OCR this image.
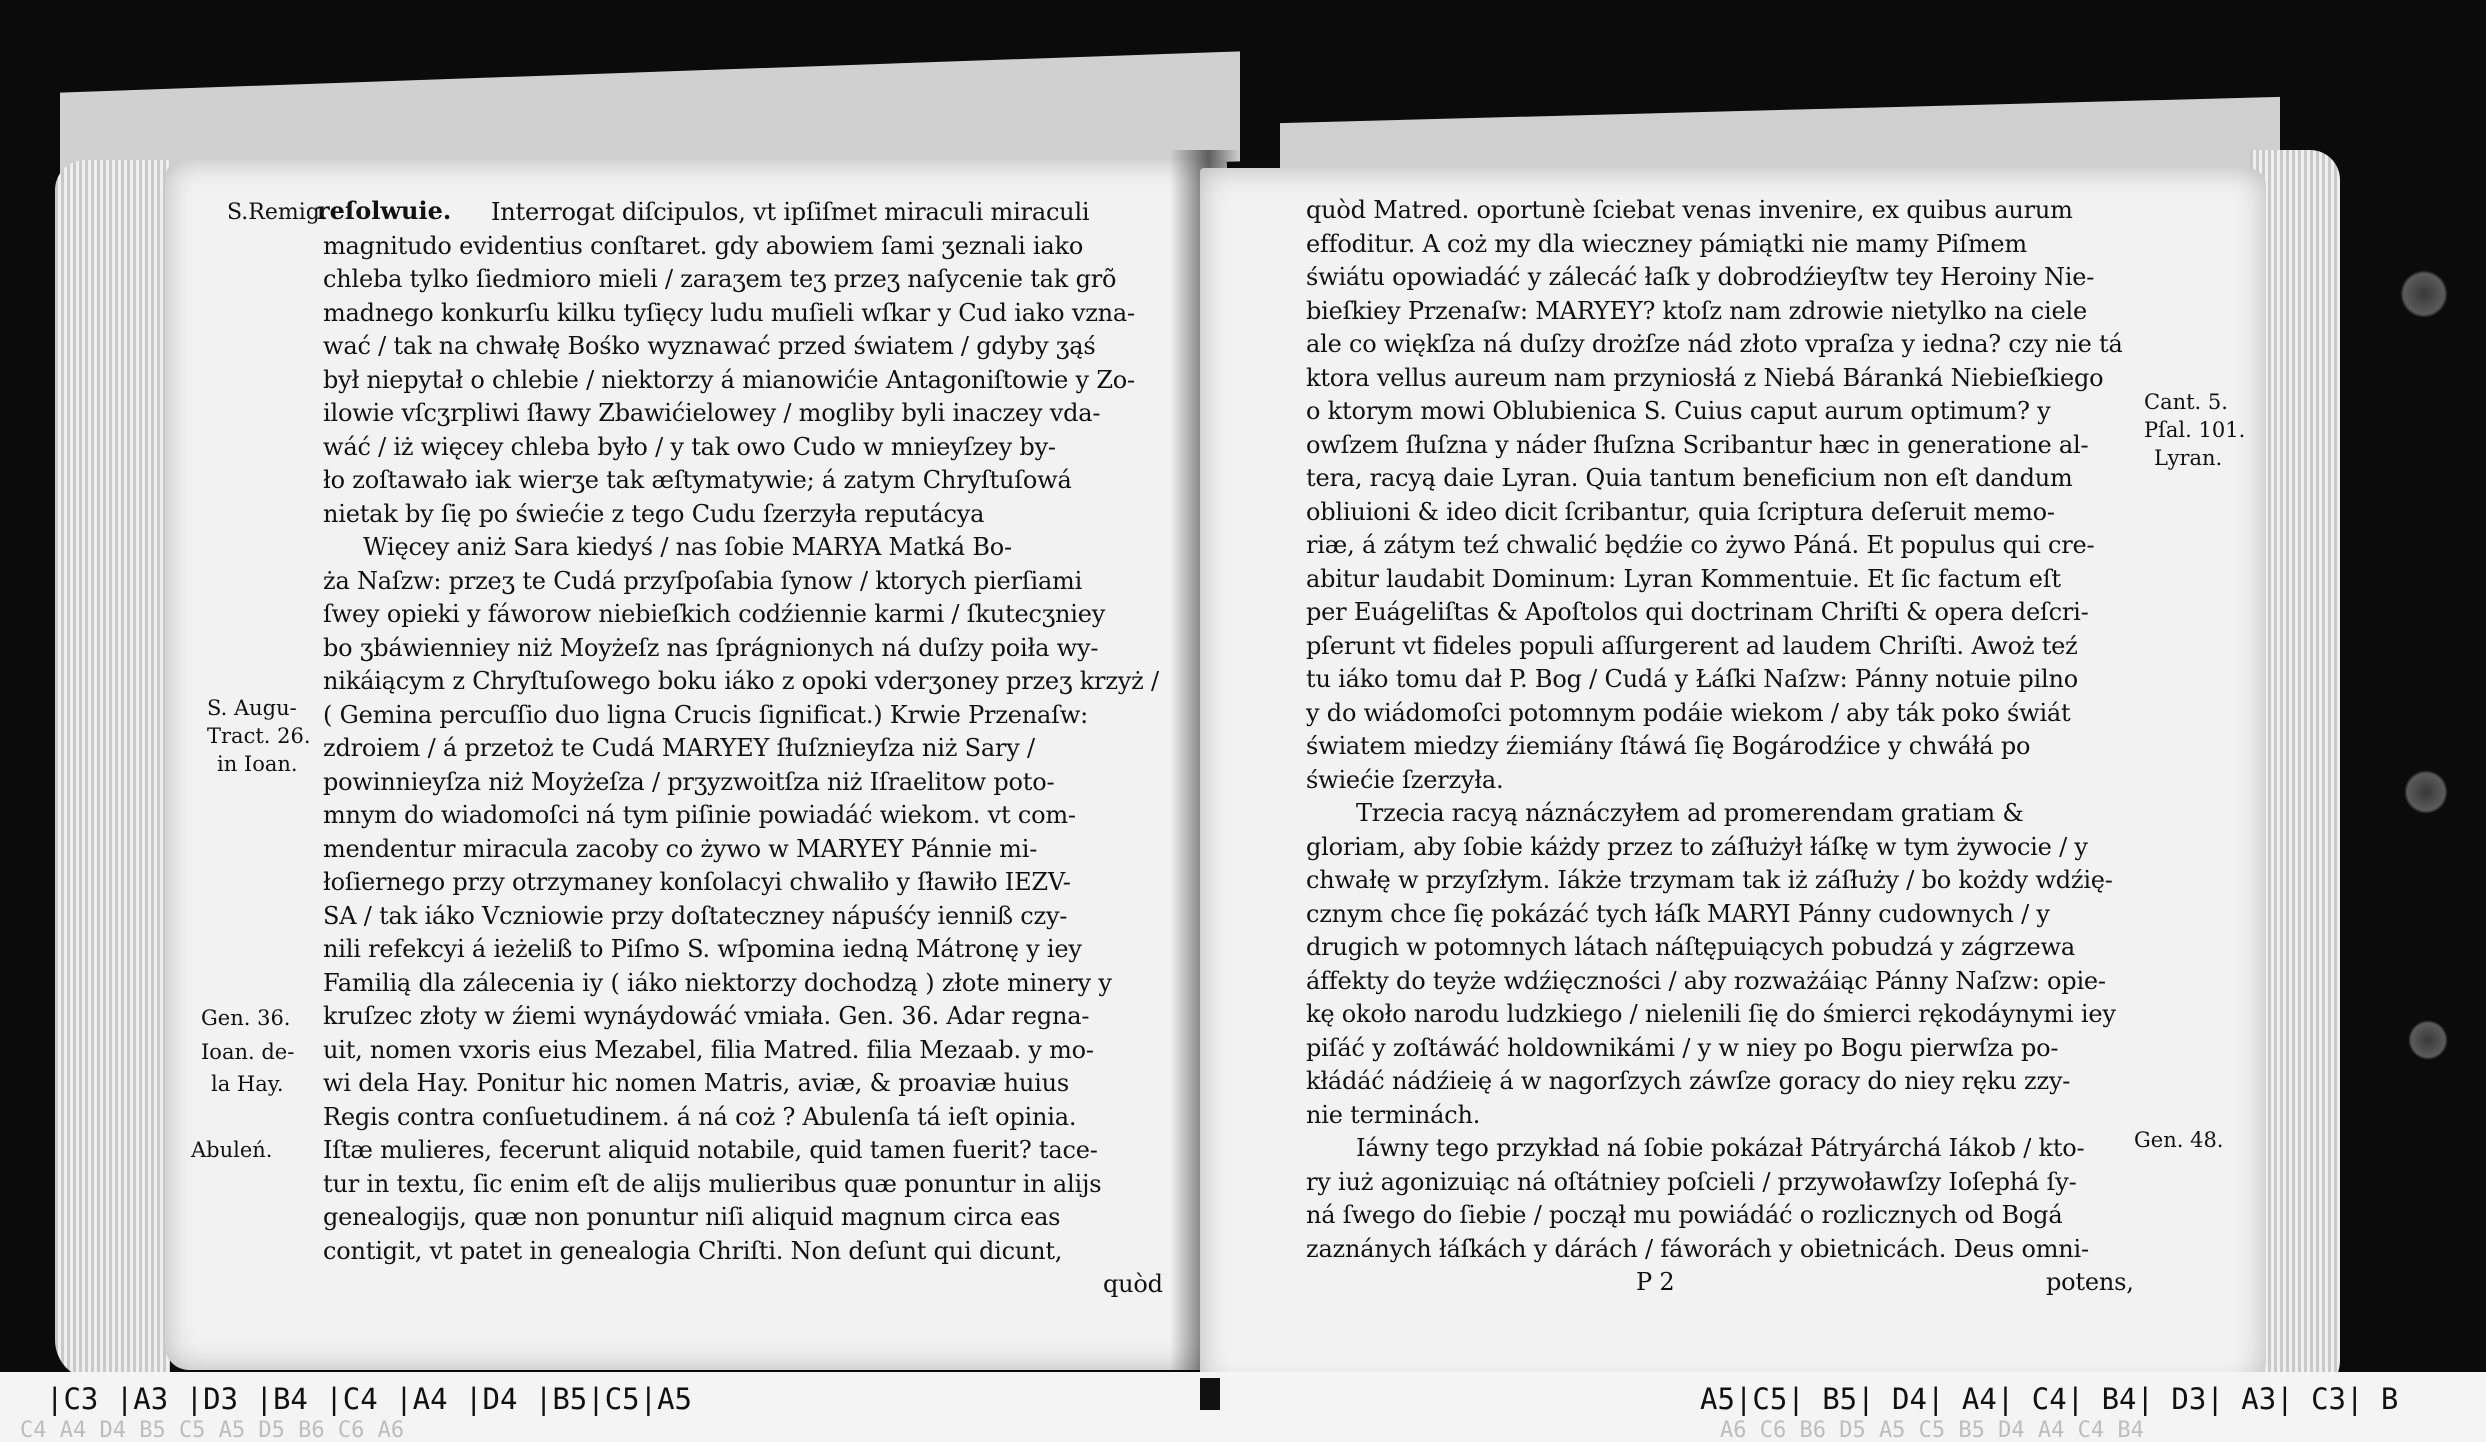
S.Remig.
S. Augu-
Tract. 26.
in Ioan.
Gen. 36.
Ioan. de-
la Hay.
Abuleń.
reſolwuie.	Interrogat diſcipulos, vt ipſiſmet miraculi miraculi
magnitudo evidentius conſtaret. gdy abowiem ſami ʒeznali iako
chleba tylko ſiedmioro mieli / zaraʒem teʒ przeʒ naſycenie tak grõ
madnego konkurſu kilku tyſięcy ludu muſieli wſkar y Cud iako vzna-
wać / tak na chwałę Bośko wyznawać przed światem / gdyby ʒąś
był niepytał o chlebie / niektorzy á mianowićie Antagoniſtowie y Zo-
ilowie vſcʒrpliwi ſławy Zbawićielowey / mogliby byli inaczey vda-
wáć / iż więcey chleba było / y tak owo Cudo w mnieyſzey by-
ło zoſtawało iak wierʒe tak æſtymatywie; á zatym Chryſtuſowá
nietak by ſię po świećie z tego Cudu ſzerzyła reputácya
Więcey aniż Sara kiedyś / nas ſobie MARYA Matká Bo-
ża Naſzw: przeʒ te Cudá przyſpoſabia ſynow / ktorych pierſiami
ſwey opieki y fáworow niebieſkich codźiennie karmi / ſkutecʒniey
bo ʒbáwienniey niż Moyżeſz nas ſprágnionych ná duſzy poiła wy-
nikáiącym z Chryſtuſowego boku iáko z opoki vderʒoney przeʒ krzyż /
( Gemina percuſſio duo ligna Crucis ſignificat.) Krwie Przenaſw:
zdroiem / á przetoż te Cudá MARYEY ſłuſznieyſza niż Sary /
powinnieyſza niż Moyżeſza / prʒyzwoitſza niż Iſraelitow poto-
mnym do wiadomoſci ná tym piſinie powiadáć wiekom. vt com-
mendentur miracula zacoby co żywo w MARYEY Pánnie mi-
łoſiernego przy otrzymaney konſolacyi chwaliło y ſławiło IEZV-
SA / tak iáko Vczniowie przy doſtateczney nápuśćy ienniß czy-
nili refekcyi á ieżeliß to Piſmo S. wſpomina iedną Mátronę y iey
Familią dla zálecenia iy ( iáko niektorzy dochodzą ) złote minery y
kruſzec złoty w źiemi wynáydowáć vmiała. Gen. 36. Adar regna-
uit, nomen vxoris eius Mezabel, filia Matred. filia Mezaab. y mo-
wi dela Hay. Ponitur hic nomen Matris, aviæ, & proaviæ huius
Regis contra conſuetudinem. á ná coż ? Abulenſa tá ieſt opinia.
Iſtæ mulieres, fecerunt aliquid notabile, quid tamen fuerit? tace-
tur in textu, ſic enim eſt de alijs mulieribus quæ ponuntur in alijs
genealogijs, quæ non ponuntur niſi aliquid magnum circa eas
contigit, vt patet in genealogia Chriſti. Non deſunt qui dicunt,
quòd
quòd Matred. oportunè ſciebat venas invenire, ex quibus aurum
effoditur. A coż my dla wieczney pámiątki nie mamy Piſmem
świátu opowiadáć y zálecáć łaſk y dobrodźieyſtw tey Heroiny Nie-
bieſkiey Przenaſw: MARYEY? ktoſz nam zdrowie nietylko na ciele
ale co więkſza ná duſzy drożſze nád złoto vpraſza y iedna? czy nie tá
ktora vellus aureum nam przyniosłá z Niebá Báranká Niebieſkiego
o ktorym mowi Oblubienica S. Cuius caput aurum optimum? y
owſzem ſłuſzna y náder ſłuſzna Scribantur hæc in generatione al-
tera, racyą daie Lyran. Quia tantum beneficium non eſt dandum
obliuioni & ideo dicit ſcribantur, quia ſcriptura deſeruit memo-
riæ, á zátym teź chwalić będźie co żywo Páná. Et populus qui cre-
abitur laudabit Dominum: Lyran Kommentuie. Et ſic factum eſt
per Euágeliſtas & Apoſtolos qui doctrinam Chriſti & opera deſcri-
pſerunt vt fideles populi aſſurgerent ad laudem Chriſti. Awoż teź
tu iáko tomu dał P. Bog / Cudá y Łáſki Naſzw: Pánny notuie pilno
y do wiádomoſci potomnym podáie wiekom / aby ták poko świát
światem miedzy źiemiány ſtáwá ſię Bogárodźice y chwáłá po
świećie ſzerzyła.
Trzecia racyą náznáczyłem ad promerendam gratiam &
gloriam, aby ſobie káżdy przez to záſłużył łáſkę w tym żywocie / y
chwałę w przyſzłym. Iákże trzymam tak iż záſłuży / bo kożdy wdźię-
cznym chce ſię pokázáć tych łáſk MARYI Pánny cudownych / y
drugich w potomnych látach náſtępuiących pobudzá y zágrzewa
áffekty do teyże wdźięczności / aby rozważáiąc Pánny Naſzw: opie-
kę około narodu ludzkiego / nielenili ſię do śmierci rękodáynymi iey
piſáć y zoſtáwáć holdownikámi / y w niey po Bogu pierwſza po-
kłádáć nádźieię á w nagorſzych záwſze goracy do niey ręku zzy-
nie terminách.
Iáwny tego przykład ná ſobie pokázał Pátryárchá Iákob / kto-
ry iuż agonizuiąc ná oſtátniey poſcieli / przywoławſzy Ioſephá ſy-
ná ſwego do ſiebie / począł mu powiádáć o rozlicznych od Bogá
zaznánych łáſkách y dárách / fáworách y obietnicách. Deus omni-
P 2	potens,
Cant. 5.
Pſal. 101.
Lyran.
Gen. 48.
|C3 |A3 |D3 |B4 |C4 |A4 |D4 |B5|C5|A5
C4 A4 D4 B5 C5 A5 D5 B6 C6 A6
A5|C5| B5| D4| A4| C4| B4| D3| A3| C3| B
A6 C6 B6 D5 A5 C5 B5 D4 A4 C4 B4
